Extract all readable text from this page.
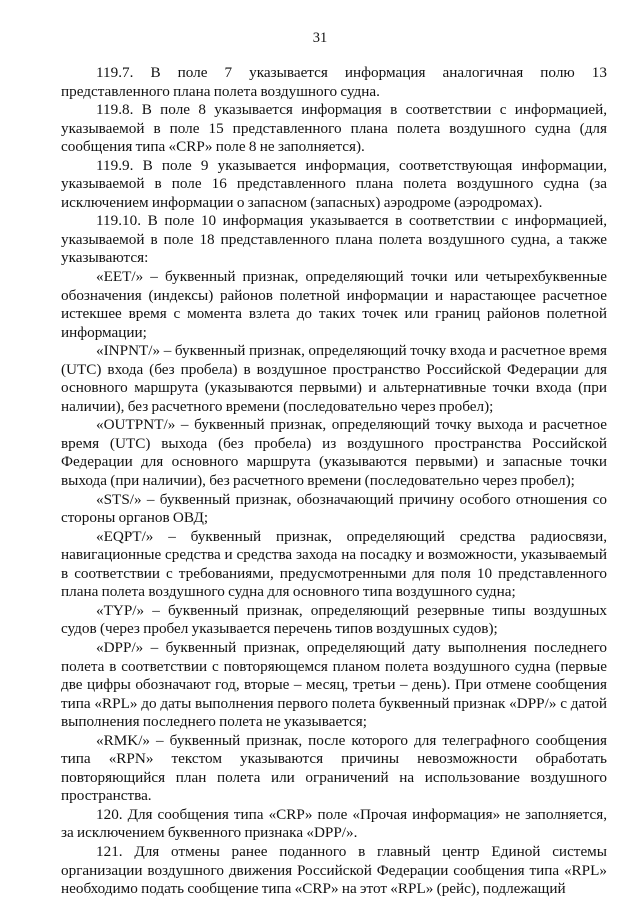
31

119.7. В поле 7 указывается информация аналогичная полю 13 представленного плана полета воздушного судна.

119.8. В поле 8 указывается информация в соответствии с информацией, указываемой в поле 15 представленного плана полета воздушного судна (для сообщения типа «CRP» поле 8 не заполняется).

119.9. В поле 9 указывается информация, соответствующая информации, указываемой в поле 16 представленного плана полета воздушного судна (за исключением информации о запасном (запасных) аэродроме (аэродромах).

119.10. В поле 10 информация указывается в соответствии с информацией, указываемой в поле 18 представленного плана полета воздушного судна, а также указываются:

«EET/» – буквенный признак, определяющий точки или четырехбуквенные обозначения (индексы) районов полетной информации и нарастающее расчетное истекшее время с момента взлета до таких точек или границ районов полетной информации;

«INPNT/» – буквенный признак, определяющий точку входа и расчетное время (UTC) входа (без пробела) в воздушное пространство Российской Федерации для основного маршрута (указываются первыми) и альтернативные точки входа (при наличии), без расчетного времени (последовательно через пробел);

«OUTPNT/» – буквенный признак, определяющий точку выхода и расчетное время (UTC) выхода (без пробела) из воздушного пространства Российской Федерации для основного маршрута (указываются первыми) и запасные точки выхода (при наличии), без расчетного времени (последовательно через пробел);

«STS/» – буквенный признак, обозначающий причину особого отношения со стороны органов ОВД;

«EQPT/» – буквенный признак, определяющий средства радиосвязи, навигационные средства и средства захода на посадку и возможности, указываемый в соответствии с требованиями, предусмотренными для поля 10 представленного плана полета воздушного судна для основного типа воздушного судна;

«TYP/» – буквенный признак, определяющий резервные типы воздушных судов (через пробел указывается перечень типов воздушных судов);

«DPP/» – буквенный признак, определяющий дату выполнения последнего полета в соответствии с повторяющемся планом полета воздушного судна (первые две цифры обозначают год, вторые – месяц, третьи – день). При отмене сообщения типа «RPL» до даты выполнения первого полета буквенный признак «DPP/» с датой выполнения последнего полета не указывается;

«RMK/» – буквенный признак, после которого для телеграфного сообщения типа «RPN» текстом указываются причины невозможности обработать повторяющийся план полета или ограничений на использование воздушного пространства.

120. Для сообщения типа «CRP» поле «Прочая информация» не заполняется, за исключением буквенного признака «DPP/».

121. Для отмены ранее поданного в главный центр Единой системы организации воздушного движения Российской Федерации сообщения типа «RPL» необходимо подать сообщение типа «CRP» на этот «RPL» (рейс), подлежащий
